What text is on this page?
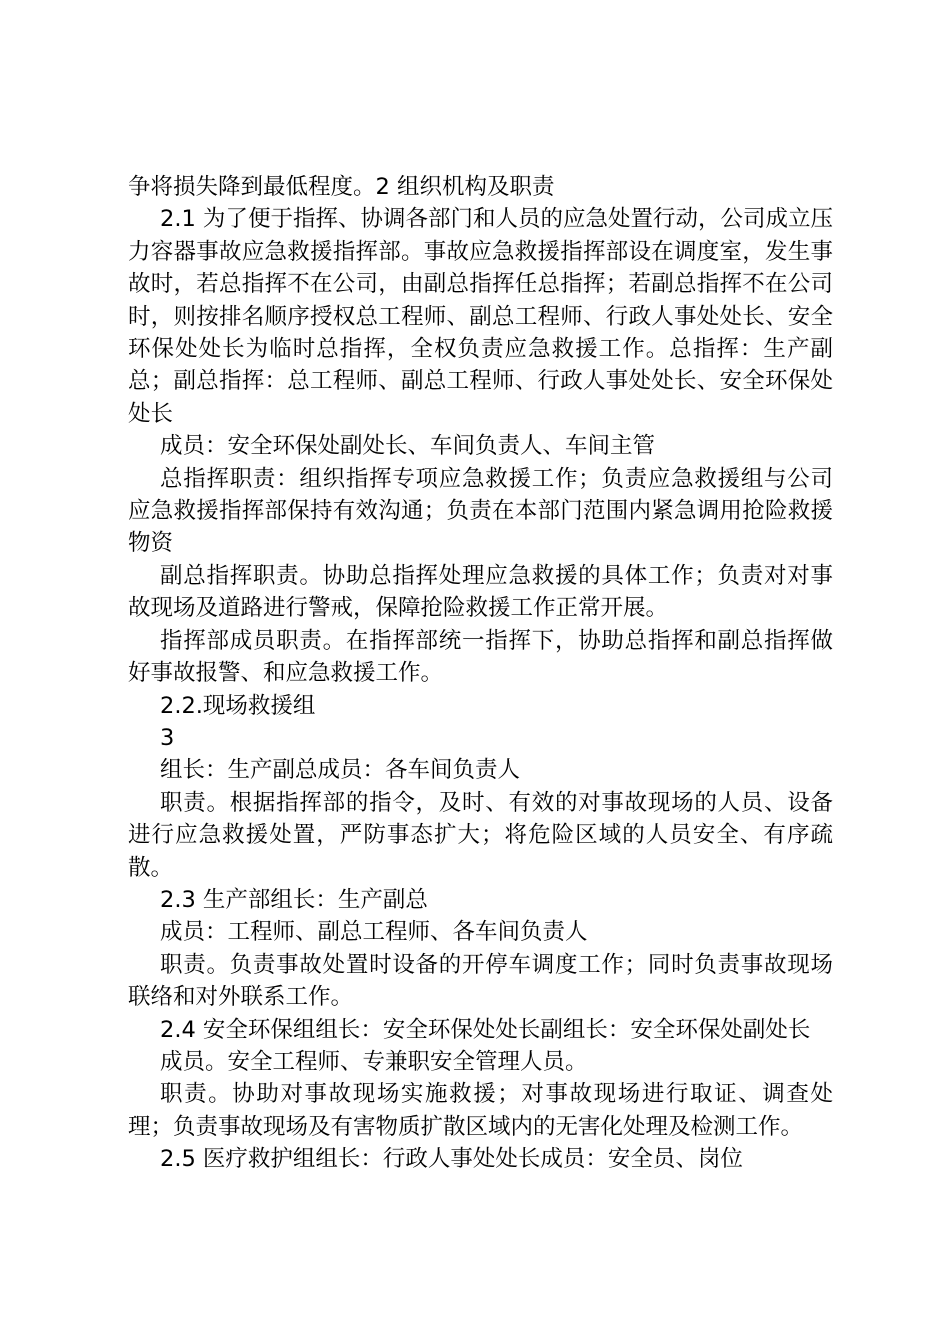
争将损失降到最低程度。2 组织机构及职责

2.1 为了便于指挥、协调各部门和人员的应急处置行动，公司成立压力容器事故应急救援指挥部。事故应急救援指挥部设在调度室，发生事故时，若总指挥不在公司，由副总指挥任总指挥；若副总指挥不在公司时，则按排名顺序授权总工程师、副总工程师、行政人事处处长、安全环保处处长为临时总指挥，全权负责应急救援工作。总指挥：生产副总；副总指挥：总工程师、副总工程师、行政人事处处长、安全环保处处长

成员：安全环保处副处长、车间负责人、车间主管

总指挥职责：组织指挥专项应急救援工作；负责应急救援组与公司应急救援指挥部保持有效沟通；负责在本部门范围内紧急调用抢险救援物资

副总指挥职责。协助总指挥处理应急救援的具体工作；负责对对事故现场及道路进行警戒，保障抢险救援工作正常开展。

指挥部成员职责。在指挥部统一指挥下，协助总指挥和副总指挥做好事故报警、和应急救援工作。

2.2.现场救援组

3

组长：生产副总成员：各车间负责人

职责。根据指挥部的指令，及时、有效的对事故现场的人员、设备进行应急救援处置，严防事态扩大；将危险区域的人员安全、有序疏散。

2.3 生产部组长：生产副总

成员：工程师、副总工程师、各车间负责人

职责。负责事故处置时设备的开停车调度工作；同时负责事故现场联络和对外联系工作。

2.4 安全环保组组长：安全环保处处长副组长：安全环保处副处长

成员。安全工程师、专兼职安全管理人员。

职责。协助对事故现场实施救援；对事故现场进行取证、调查处理；负责事故现场及有害物质扩散区域内的无害化处理及检测工作。

2.5 医疗救护组组长：行政人事处处长成员：安全员、岗位
